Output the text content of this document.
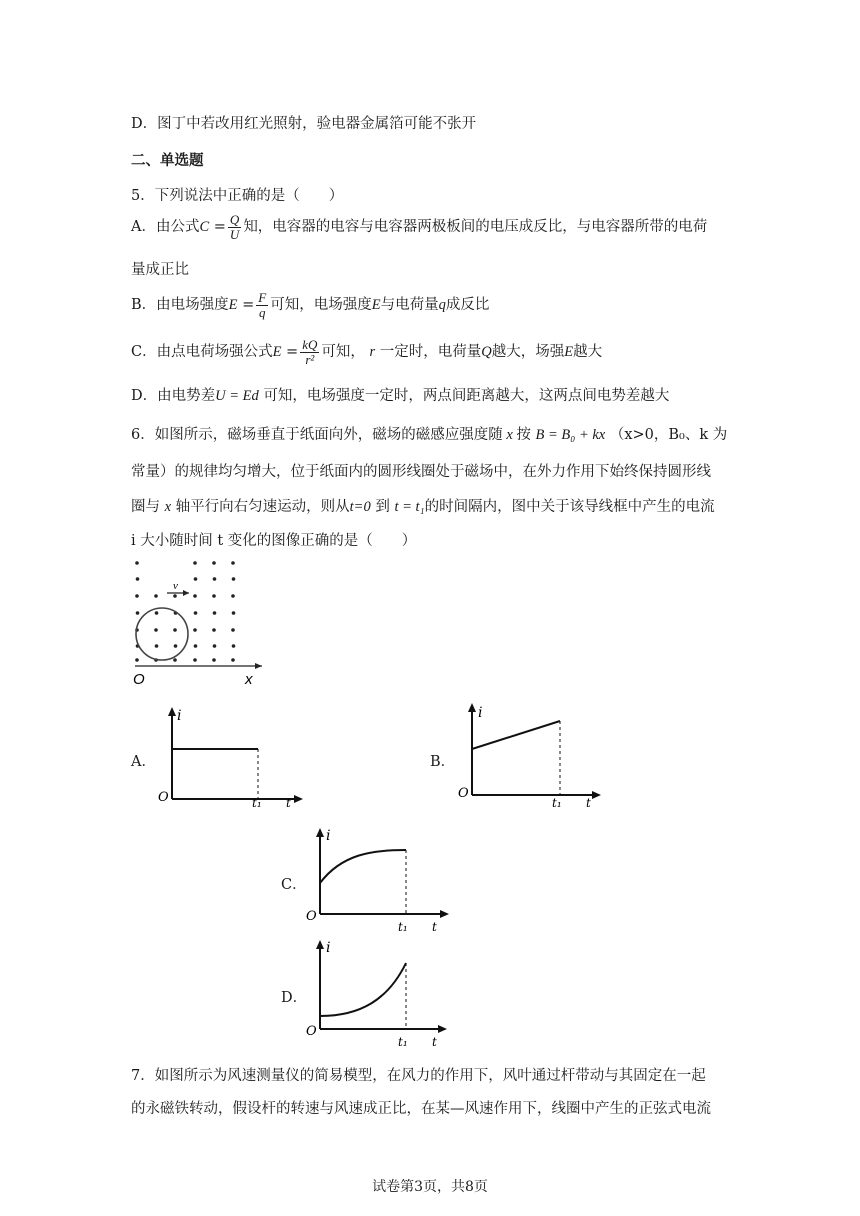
D．图丁中若改用红光照射，验电器金属箔可能不张开
二、单选题
5．下列说法中正确的是（　　）
A．由公式$C = \frac{Q}{U}$ 知，电容器的电容与电容器两极板间的电压成反比，与电容器所带的电荷
量成正比
B．由电场强度$E = \frac{F}{q}$ 可知，电场强度E与电荷量q成反比
C．由点电荷场强公式$E = \frac{kQ}{\text{r²}}$ 可知， r 一定时，电荷量Q越大，场强E越大
D．由电势差U = Ed 可知，电场强度一定时，两点间距离越大，这两点间电势差越大
6．如图所示，磁场垂直于纸面向外，磁场的磁感应强度随 x 按 B = B₀ + kx （x>0，B₀、k 为
常量）的规律均匀增大，位于纸面内的圆形线圈处于磁场中，在外力作用下始终保持圆形线
圈与 x 轴平行向右匀速运动，则从t=0 到 t = t₁的时间隔内，图中关于该导线框中产生的电流
i 大小随时间 t 变化的图像正确的是（　　）
v
O	x
A．
i
O	t₁ t
B．
i
O
t₁ t
C．
i
O
t₁ t
D．
i
O
t₁ t
7．如图所示为风速测量仪的简易模型，在风力的作用下，风叶通过杆带动与其固定在一起
的永磁铁转动，假设杆的转速与风速成正比，在某—风速作用下，线圈中产生的正弦式电流
试卷第3页，共8页
